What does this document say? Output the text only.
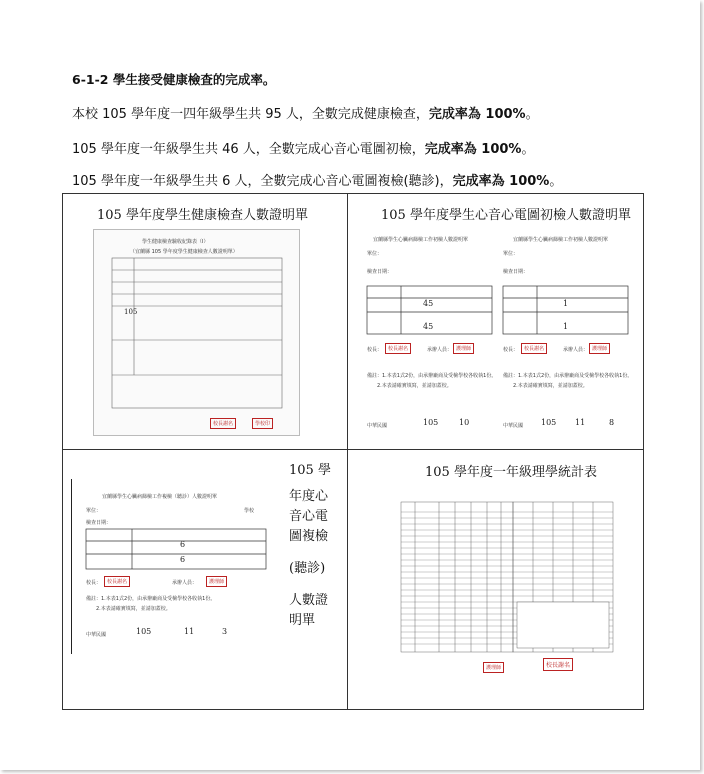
6-1-2 學生接受健康檢查的完成率。
本校 105 學年度一四年級學生共 95 人，全數完成健康檢查，完成率為 100%。
105 學年度一年級學生共 46 人，全數完成心音心電圖初檢，完成率為 100%。
105 學年度一年級學生共 6 人，全數完成心音心電圖複檢(聽診)，完成率為 100%。
105 學年度學生健康檢查人數證明單
學生健康檢查驗收紀錄表（Ⅰ）
（宜蘭縣 105 學年度學生健康檢查人數證明單）
105
校長謝名	學校印
105 學年度學生心音心電圖初檢人數證明單
宜蘭縣學生心臟病篩檢工作初檢人數證明單	宜蘭縣學生心臟病篩檢工作初檢人數證明單
單位：	單位：
檢查日期：	檢查日期：
45
45
1
1
校長：	校長謝名	承辦人員： 護理師	校長：	校長謝名	承辦人員： 護理師
備註：1.本表1式2份，由承辦廠商及受檢學校各收執1份。 備註：1.本表1式2份，由承辦廠商及受檢學校各收執1份。
2.本表請確實填寫，並請加蓋校。	2.本表請確實填寫，並請加蓋校。
中華民國	105	10	中華民國 105 11	8
宜蘭縣學生心臟病篩檢工作複檢（聽診）人數證明單
單位：	學校
檢查日期：
6
6
校長：	校長謝名	承辦人員：	護理師
備註：1.本表1式2份，由承辦廠商及受檢學校各收執1份。
2.本表請確實填寫，並請加蓋校。
中華民國	105	11	3
105 學
年度心
音心電
圖複檢
(聽診)
人數證
明單
105 學年度一年級理學統計表
護理師	校長謝名
